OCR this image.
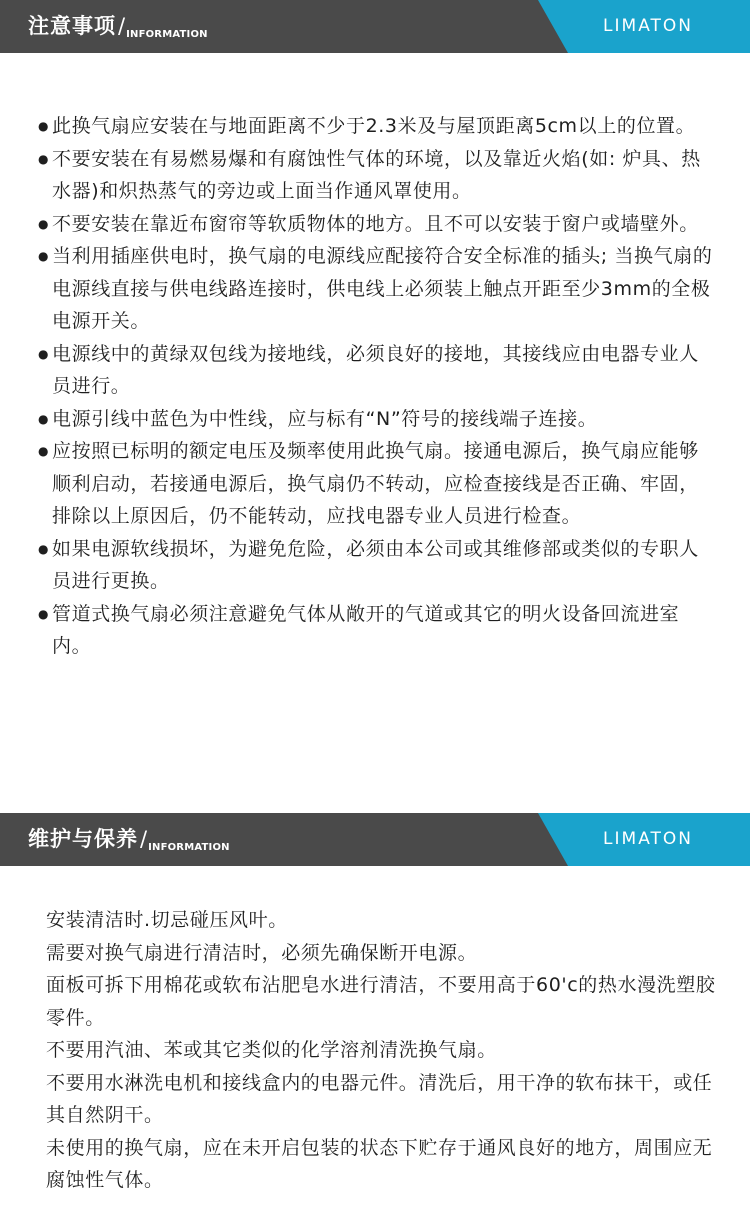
注意事项$/_{INFORMATION}$	LIMATON
● 此换气扇应安装在与地面距离不少于2.3米及与屋顶距离5cm以上的位置。
● 不要安装在有易燃易爆和有腐蚀性气体的环境，以及靠近火焰(如: 炉具、热水器)和炽热蒸气的旁边或上面当作通风罩使用。
● 不要安装在靠近布窗帘等软质物体的地方。且不可以安装于窗户或墙壁外。
● 当利用插座供电时，换气扇的电源线应配接符合安全标准的插头; 当换气扇的电源线直接与供电线路连接时，供电线上必须装上触点开距至少3mm的全极电源开关。
● 电源线中的黄绿双包线为接地线，必须良好的接地，其接线应由电器专业人员进行。
● 电源引线中蓝色为中性线，应与标有“N”符号的接线端子连接。
● 应按照已标明的额定电压及频率使用此换气扇。接通电源后，换气扇应能够顺利启动，若接通电源后，换气扇仍不转动，应检查接线是否正确、牢固，排除以上原因后，仍不能转动，应找电器专业人员进行检查。
● 如果电源软线损坏，为避免危险，必须由本公司或其维修部或类似的专职人员进行更换。
● 管道式换气扇必须注意避免气体从敞开的气道或其它的明火设备回流进室内。
维护与保养$/_{INFORMATION}$	LIMATON
安装清洁时.切忌碰压风叶。
需要对换气扇进行清洁时，必须先确保断开电源。
面板可拆下用棉花或软布沾肥皂水进行清洁，不要用高于60'c的热水漫洗塑胶零件。
不要用汽油、苯或其它类似的化学溶剂清洗换气扇。
不要用水淋洗电机和接线盒内的电器元件。清洗后，用干净的软布抹干，或任其自然阴干。
未使用的换气扇，应在未开启包装的状态下贮存于通风良好的地方，周围应无腐蚀性气体。
